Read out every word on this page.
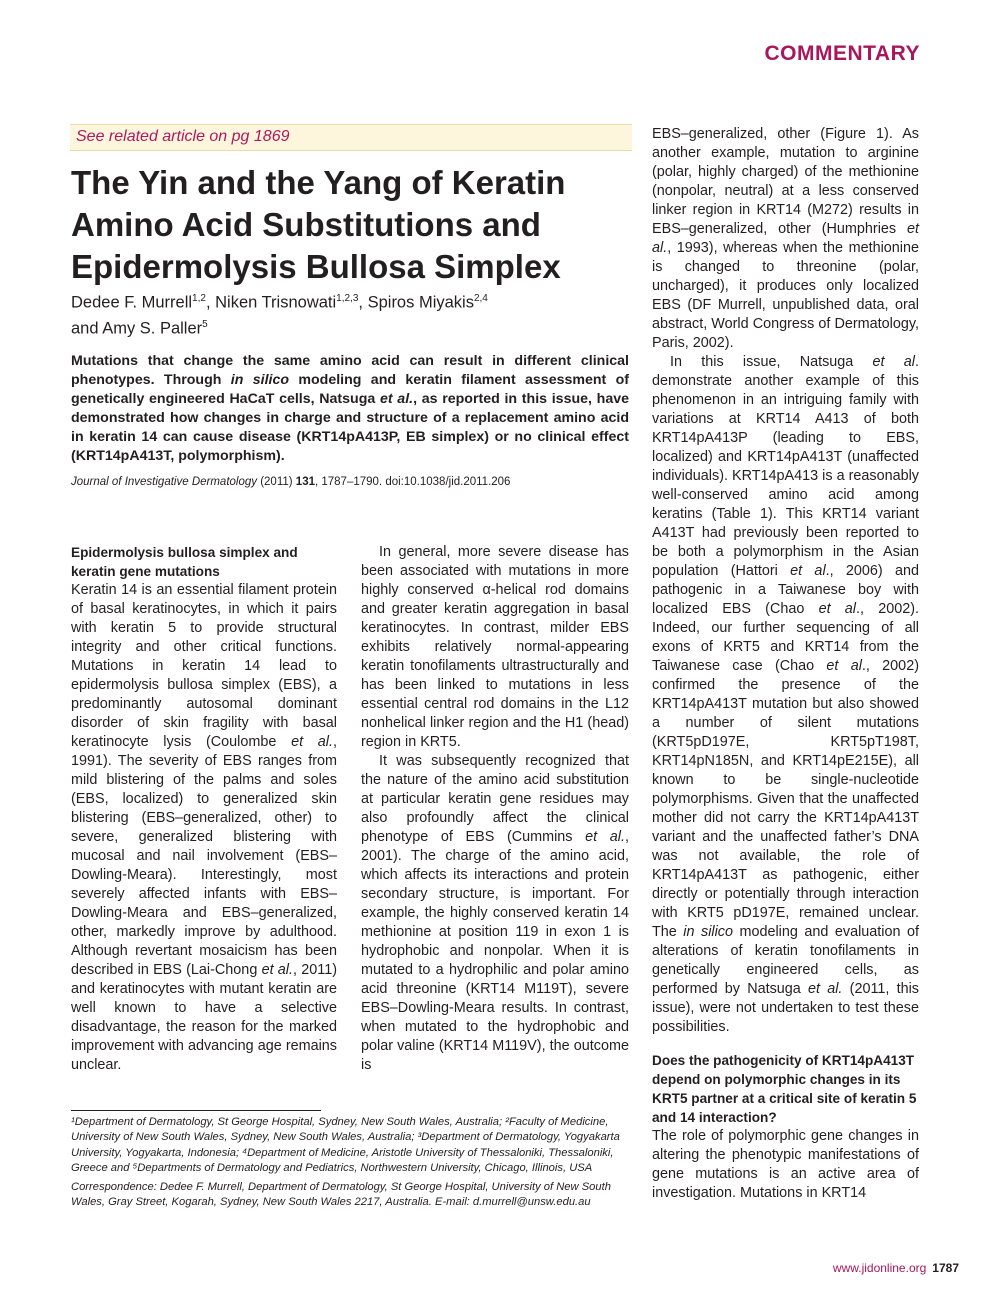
COMMENTARY
See related article on pg 1869
The Yin and the Yang of Keratin Amino Acid Substitutions and Epidermolysis Bullosa Simplex
Dedee F. Murrell$^{1,2}$, Niken Trisnowati$^{1,2,3}$, Spiros Miyakis$^{2,4}$
and Amy S. Paller$^5$
Mutations that change the same amino acid can result in different clinical phenotypes. Through in silico modeling and keratin filament assessment of genetically engineered HaCaT cells, Natsuga et al., as reported in this issue, have demonstrated how changes in charge and structure of a replacement amino acid in keratin 14 can cause disease (KRT14pA413P, EB simplex) or no clinical effect (KRT14pA413T, polymorphism).
Journal of Investigative Dermatology (2011) 131, 1787–1790. doi:10.1038/jid.2011.206
Epidermolysis bullosa simplex and keratin gene mutations

Keratin 14 is an essential filament protein of basal keratinocytes, in which it pairs with keratin 5 to provide structural integrity and other critical functions. Mutations in keratin 14 lead to epidermolysis bullosa simplex (EBS), a predominantly autosomal dominant disorder of skin fragility with basal keratinocyte lysis (Coulombe et al., 1991). The severity of EBS ranges from mild blistering of the palms and soles (EBS, localized) to generalized skin blistering (EBS–generalized, other) to severe, generalized blistering with mucosal and nail involvement (EBS–Dowling-Meara). Interestingly, most severely affected infants with EBS–Dowling-Meara and EBS–generalized, other, markedly improve by adulthood. Although revertant mosaicism has been described in EBS (Lai-Chong et al., 2011) and keratinocytes with mutant keratin are well known to have a selective disadvantage, the reason for the marked improvement with advancing age remains unclear.

In general, more severe disease has been associated with mutations in more highly conserved α-helical rod domains and greater keratin aggregation in basal keratinocytes. In contrast, milder EBS exhibits relatively normal-appearing keratin tonofilaments ultrastructurally and has been linked to mutations in less essential central rod domains in the L12 nonhelical linker region and the H1 (head) region in KRT5.

It was subsequently recognized that the nature of the amino acid substitution at particular keratin gene residues may also profoundly affect the clinical phenotype of EBS (Cummins et al., 2001). The charge of the amino acid, which affects its interactions and protein secondary structure, is important. For example, the highly conserved keratin 14 methionine at position 119 in exon 1 is hydrophobic and nonpolar. When it is mutated to a hydrophilic and polar amino acid threonine (KRT14 M119T), severe EBS–Dowling-Meara results. In contrast, when mutated to the hydrophobic and polar valine (KRT14 M119V), the outcome is

EBS–generalized, other (Figure 1). As another example, mutation to arginine (polar, highly charged) of the methionine (nonpolar, neutral) at a less conserved linker region in KRT14 (M272) results in EBS–generalized, other (Humphries et al., 1993), whereas when the methionine is changed to threonine (polar, uncharged), it produces only localized EBS (DF Murrell, unpublished data, oral abstract, World Congress of Dermatology, Paris, 2002).

In this issue, Natsuga et al. demonstrate another example of this phenomenon in an intriguing family with variations at KRT14 A413 of both KRT14pA413P (leading to EBS, localized) and KRT14pA413T (unaffected individuals). KRT14pA413 is a reasonably well-conserved amino acid among keratins (Table 1). This KRT14 variant A413T had previously been reported to be both a polymorphism in the Asian population (Hattori et al., 2006) and pathogenic in a Taiwanese boy with localized EBS (Chao et al., 2002). Indeed, our further sequencing of all exons of KRT5 and KRT14 from the Taiwanese case (Chao et al., 2002) confirmed the presence of the KRT14pA413T mutation but also showed a number of silent mutations (KRT5pD197E, KRT5pT198T, KRT14pN185N, and KRT14pE215E), all known to be single-nucleotide polymorphisms. Given that the unaffected mother did not carry the KRT14pA413T variant and the unaffected father’s DNA was not available, the role of KRT14pA413T as pathogenic, either directly or potentially through interaction with KRT5 pD197E, remained unclear. The in silico modeling and evaluation of alterations of keratin tonofilaments in genetically engineered cells, as performed by Natsuga et al. (2011, this issue), were not undertaken to test these possibilities.

Does the pathogenicity of KRT14pA413T depend on polymorphic changes in its KRT5 partner at a critical site of keratin 5 and 14 interaction?

The role of polymorphic gene changes in altering the phenotypic manifestations of gene mutations is an active area of investigation. Mutations in KRT14

¹Department of Dermatology, St George Hospital, Sydney, New South Wales, Australia; ²Faculty of Medicine, University of New South Wales, Sydney, New South Wales, Australia; ³Department of Dermatology, Yogyakarta University, Yogyakarta, Indonesia; ⁴Department of Medicine, Aristotle University of Thessaloniki, Thessaloniki, Greece and ⁵Departments of Dermatology and Pediatrics, Northwestern University, Chicago, Illinois, USA

Correspondence: Dedee F. Murrell, Department of Dermatology, St George Hospital, University of New South Wales, Gray Street, Kogarah, Sydney, New South Wales 2217, Australia. E-mail: d.murrell@unsw.edu.au

www.jidonline.org 1787
